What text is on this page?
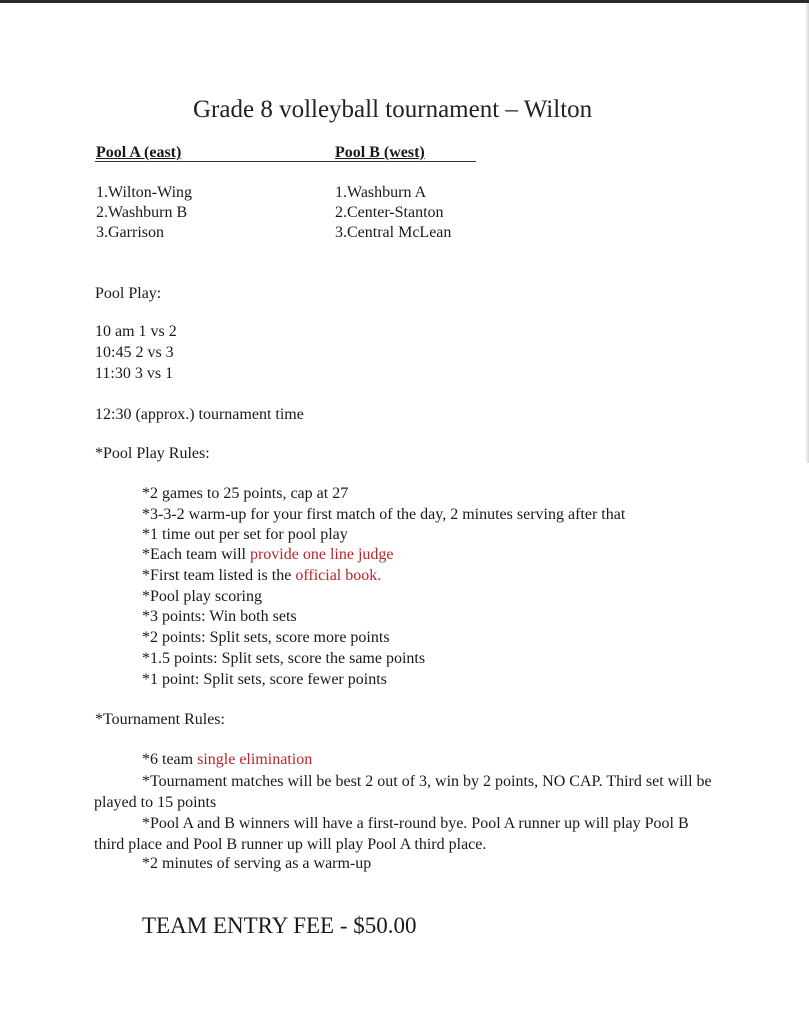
Grade 8 volleyball tournament – Wilton
Pool A (east)	Pool B (west)
1.Wilton-Wing
2.Washburn B
3.Garrison
1.Washburn A
2.Center-Stanton
3.Central McLean
Pool Play:
10 am 1 vs 2
10:45 2 vs 3
11:30 3 vs 1
12:30 (approx.) tournament time
*Pool Play Rules:
*2 games to 25 points, cap at 27
*3-3-2 warm-up for your first match of the day, 2 minutes serving after that
*1 time out per set for pool play
*Each team will provide one line judge
*First team listed is the official book.
*Pool play scoring
*3 points: Win both sets
*2 points: Split sets, score more points
*1.5 points: Split sets, score the same points
*1 point: Split sets, score fewer points
*Tournament Rules:
*6 team single elimination
*Tournament matches will be best 2 out of 3, win by 2 points, NO CAP. Third set will be played to 15 points
*Pool A and B winners will have a first-round bye. Pool A runner up will play Pool B third place and Pool B runner up will play Pool A third place.
*2 minutes of serving as a warm-up
TEAM ENTRY FEE - $50.00
